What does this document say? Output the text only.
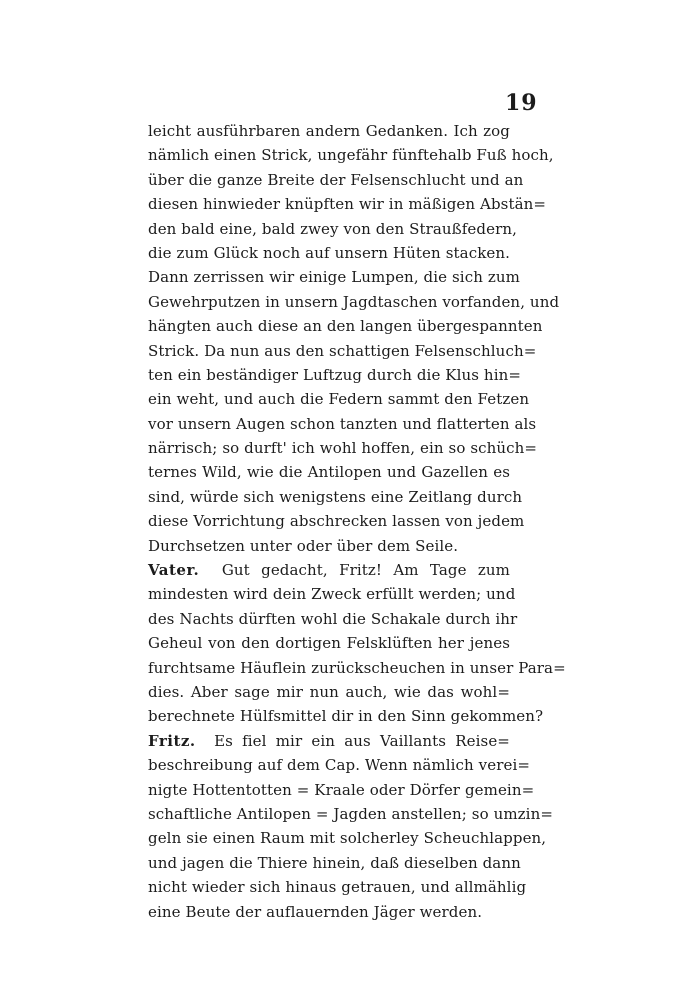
19
leicht ausführbaren andern Gedanken. Ich zog
nämlich einen Strick, ungefähr fünftehalb Fuß hoch,
über die ganze Breite der Felsenschlucht und an
diesen hinwieder knüpften wir in mäßigen Abstän=
den bald eine, bald zwey von den Straußfedern,
die zum Glück noch auf unsern Hüten stacken.
Dann zerrissen wir einige Lumpen, die sich zum
Gewehrputzen in unsern Jagdtaschen vorfanden, und
hängten auch diese an den langen übergespannten
Strick. Da nun aus den schattigen Felsenschluch=
ten ein beständiger Luftzug durch die Klus hin=
ein weht, und auch die Federn sammt den Fetzen
vor unsern Augen schon tanzten und flatterten als
närrisch; so durft' ich wohl hoffen, ein so schüch=
ternes Wild, wie die Antilopen und Gazellen es
sind, würde sich wenigstens eine Zeitlang durch
diese Vorrichtung abschrecken lassen von jedem
Durchsetzen unter oder über dem Seile.
Vater. Gut gedacht, Fritz! Am Tage zum
mindesten wird dein Zweck erfüllt werden; und
des Nachts dürften wohl die Schakale durch ihr
Geheul von den dortigen Felsklüften her jenes
furchtsame Häuflein zurückscheuchen in unser Para=
dies. Aber sage mir nun auch, wie das wohl=
berechnete Hülfsmittel dir in den Sinn gekommen?
Fritz. Es fiel mir ein aus Vaillants Reise=
beschreibung auf dem Cap. Wenn nämlich verei=
nigte Hottentotten = Kraale oder Dörfer gemein=
schaftliche Antilopen = Jagden anstellen; so umzin=
geln sie einen Raum mit solcherley Scheuchlappen,
und jagen die Thiere hinein, daß dieselben dann
nicht wieder sich hinaus getrauen, und allmählig
eine Beute der auflauernden Jäger werden.
